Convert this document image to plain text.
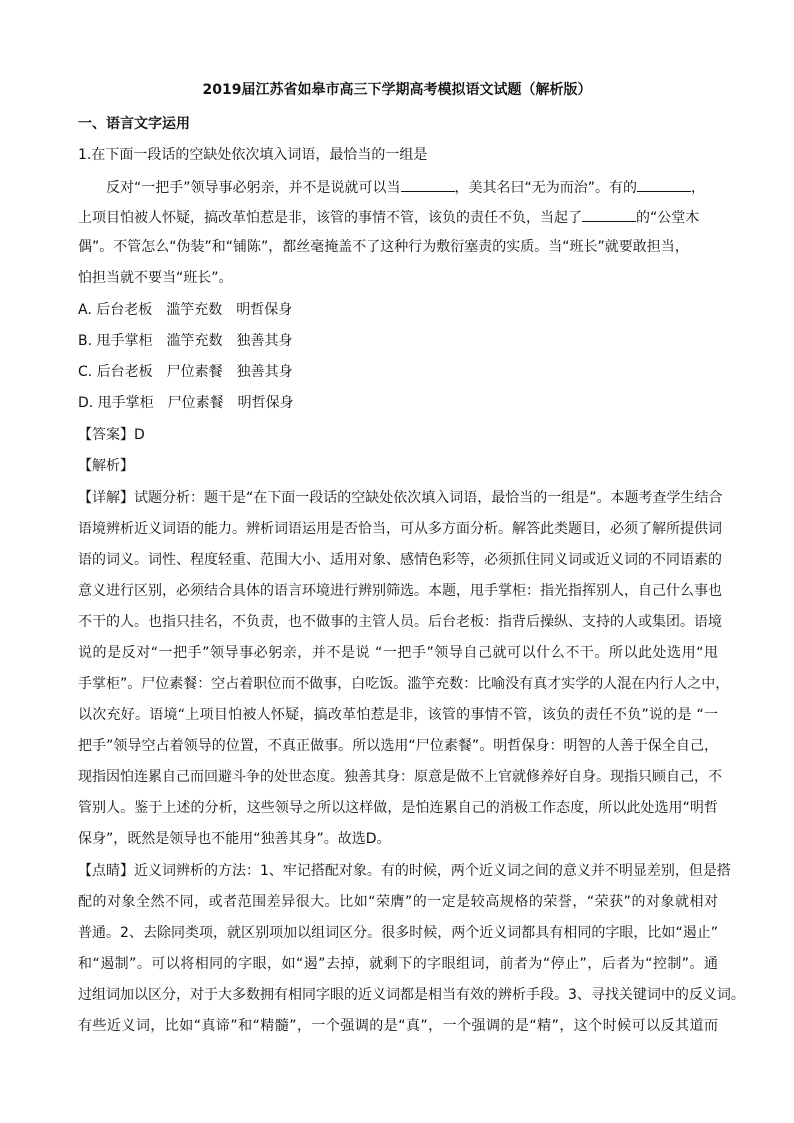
2019届江苏省如皋市高三下学期高考模拟语文试题（解析版）
一、语言文字运用
1.在下面一段话的空缺处依次填入词语，最恰当的一组是
反对“一把手”领导事必躬亲，并不是说就可以当	，美其名曰“无为而治”。有的	，
上项目怕被人怀疑，搞改革怕惹是非，该管的事情不管，该负的责任不负，当起了	的“公堂木
偶”。不管怎么“伪装”和“铺陈”，都丝毫掩盖不了这种行为敷衍塞责的实质。当“班长”就要敢担当，
怕担当就不要当“班长”。
A. 后台老板　滥竽充数　明哲保身
B. 甩手掌柜　滥竽充数　独善其身
C. 后台老板　尸位素餐　独善其身
D. 甩手掌柜　尸位素餐　明哲保身
【答案】D
【解析】
【详解】试题分析：题干是“在下面一段话的空缺处依次填入词语，最恰当的一组是”。本题考查学生结合
语境辨析近义词语的能力。辨析词语运用是否恰当，可从多方面分析。解答此类题目，必须了解所提供词
语的词义。词性、程度轻重、范围大小、适用对象、感情色彩等，必须抓住同义词或近义词的不同语素的
意义进行区别，必须结合具体的语言环境进行辨别筛选。本题，甩手掌柜：指光指挥别人，自己什么事也
不干的人。也指只挂名，不负责，也不做事的主管人员。后台老板：指背后操纵、支持的人或集团。语境
说的是反对“一把手”领导事必躬亲，并不是说 “一把手”领导自己就可以什么不干。所以此处选用“甩
手掌柜”。尸位素餐：空占着职位而不做事，白吃饭。滥竽充数：比喻没有真才实学的人混在内行人之中，
以次充好。语境“上项目怕被人怀疑，搞改革怕惹是非，该管的事情不管，该负的责任不负”说的是 “一
把手”领导空占着领导的位置，不真正做事。所以选用“尸位素餐”。明哲保身：明智的人善于保全自己，
现指因怕连累自己而回避斗争的处世态度。独善其身：原意是做不上官就修养好自身。现指只顾自己，不
管别人。鉴于上述的分析，这些领导之所以这样做，是怕连累自己的消极工作态度，所以此处选用“明哲
保身”，既然是领导也不能用“独善其身”。故选D。
【点睛】近义词辨析的方法：1、牢记搭配对象。有的时候，两个近义词之间的意义并不明显差别，但是搭
配的对象全然不同，或者范围差异很大。比如“荣膺”的一定是较高规格的荣誉，“荣获”的对象就相对
普通。2、去除同类项，就区别项加以组词区分。很多时候，两个近义词都具有相同的字眼，比如“遏止”
和“遏制”。可以将相同的字眼，如“遏”去掉，就剩下的字眼组词，前者为“停止”，后者为“控制”。通
过组词加以区分，对于大多数拥有相同字眼的近义词都是相当有效的辨析手段。3、寻找关键词中的反义词。
有些近义词，比如“真谛”和“精髓”，一个强调的是“真”，一个强调的是“精”，这个时候可以反其道而
